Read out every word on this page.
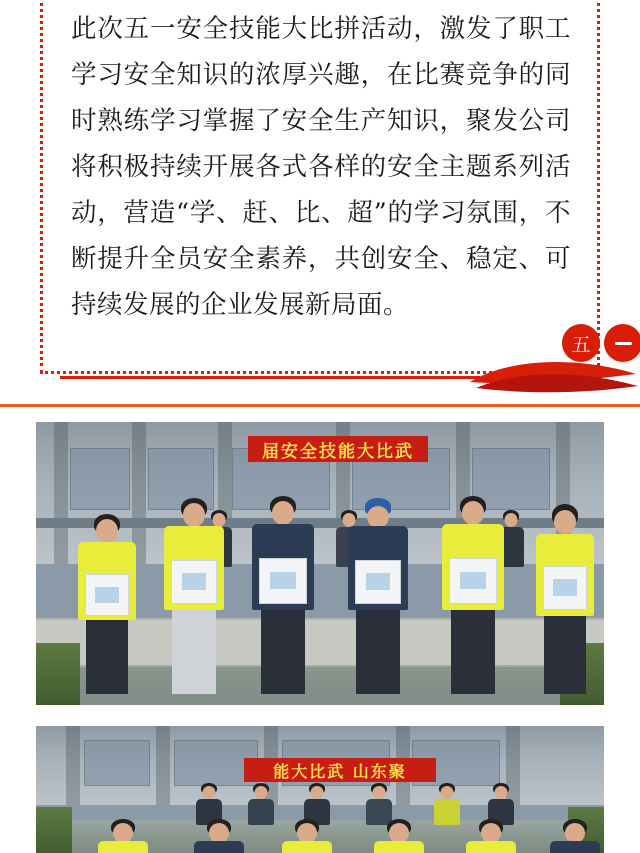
此次五一安全技能大比拼活动，激发了职工学习安全知识的浓厚兴趣，在比赛竞争的同时熟练学习掌握了安全生产知识，聚发公司将积极持续开展各式各样的安全主题系列活动，营造“学、赶、比、超”的学习氛围，不断提升全员安全素养，共创安全、稳定、可持续发展的企业发展新局面。
五
届安全技能大比武
能大比武 山东聚
